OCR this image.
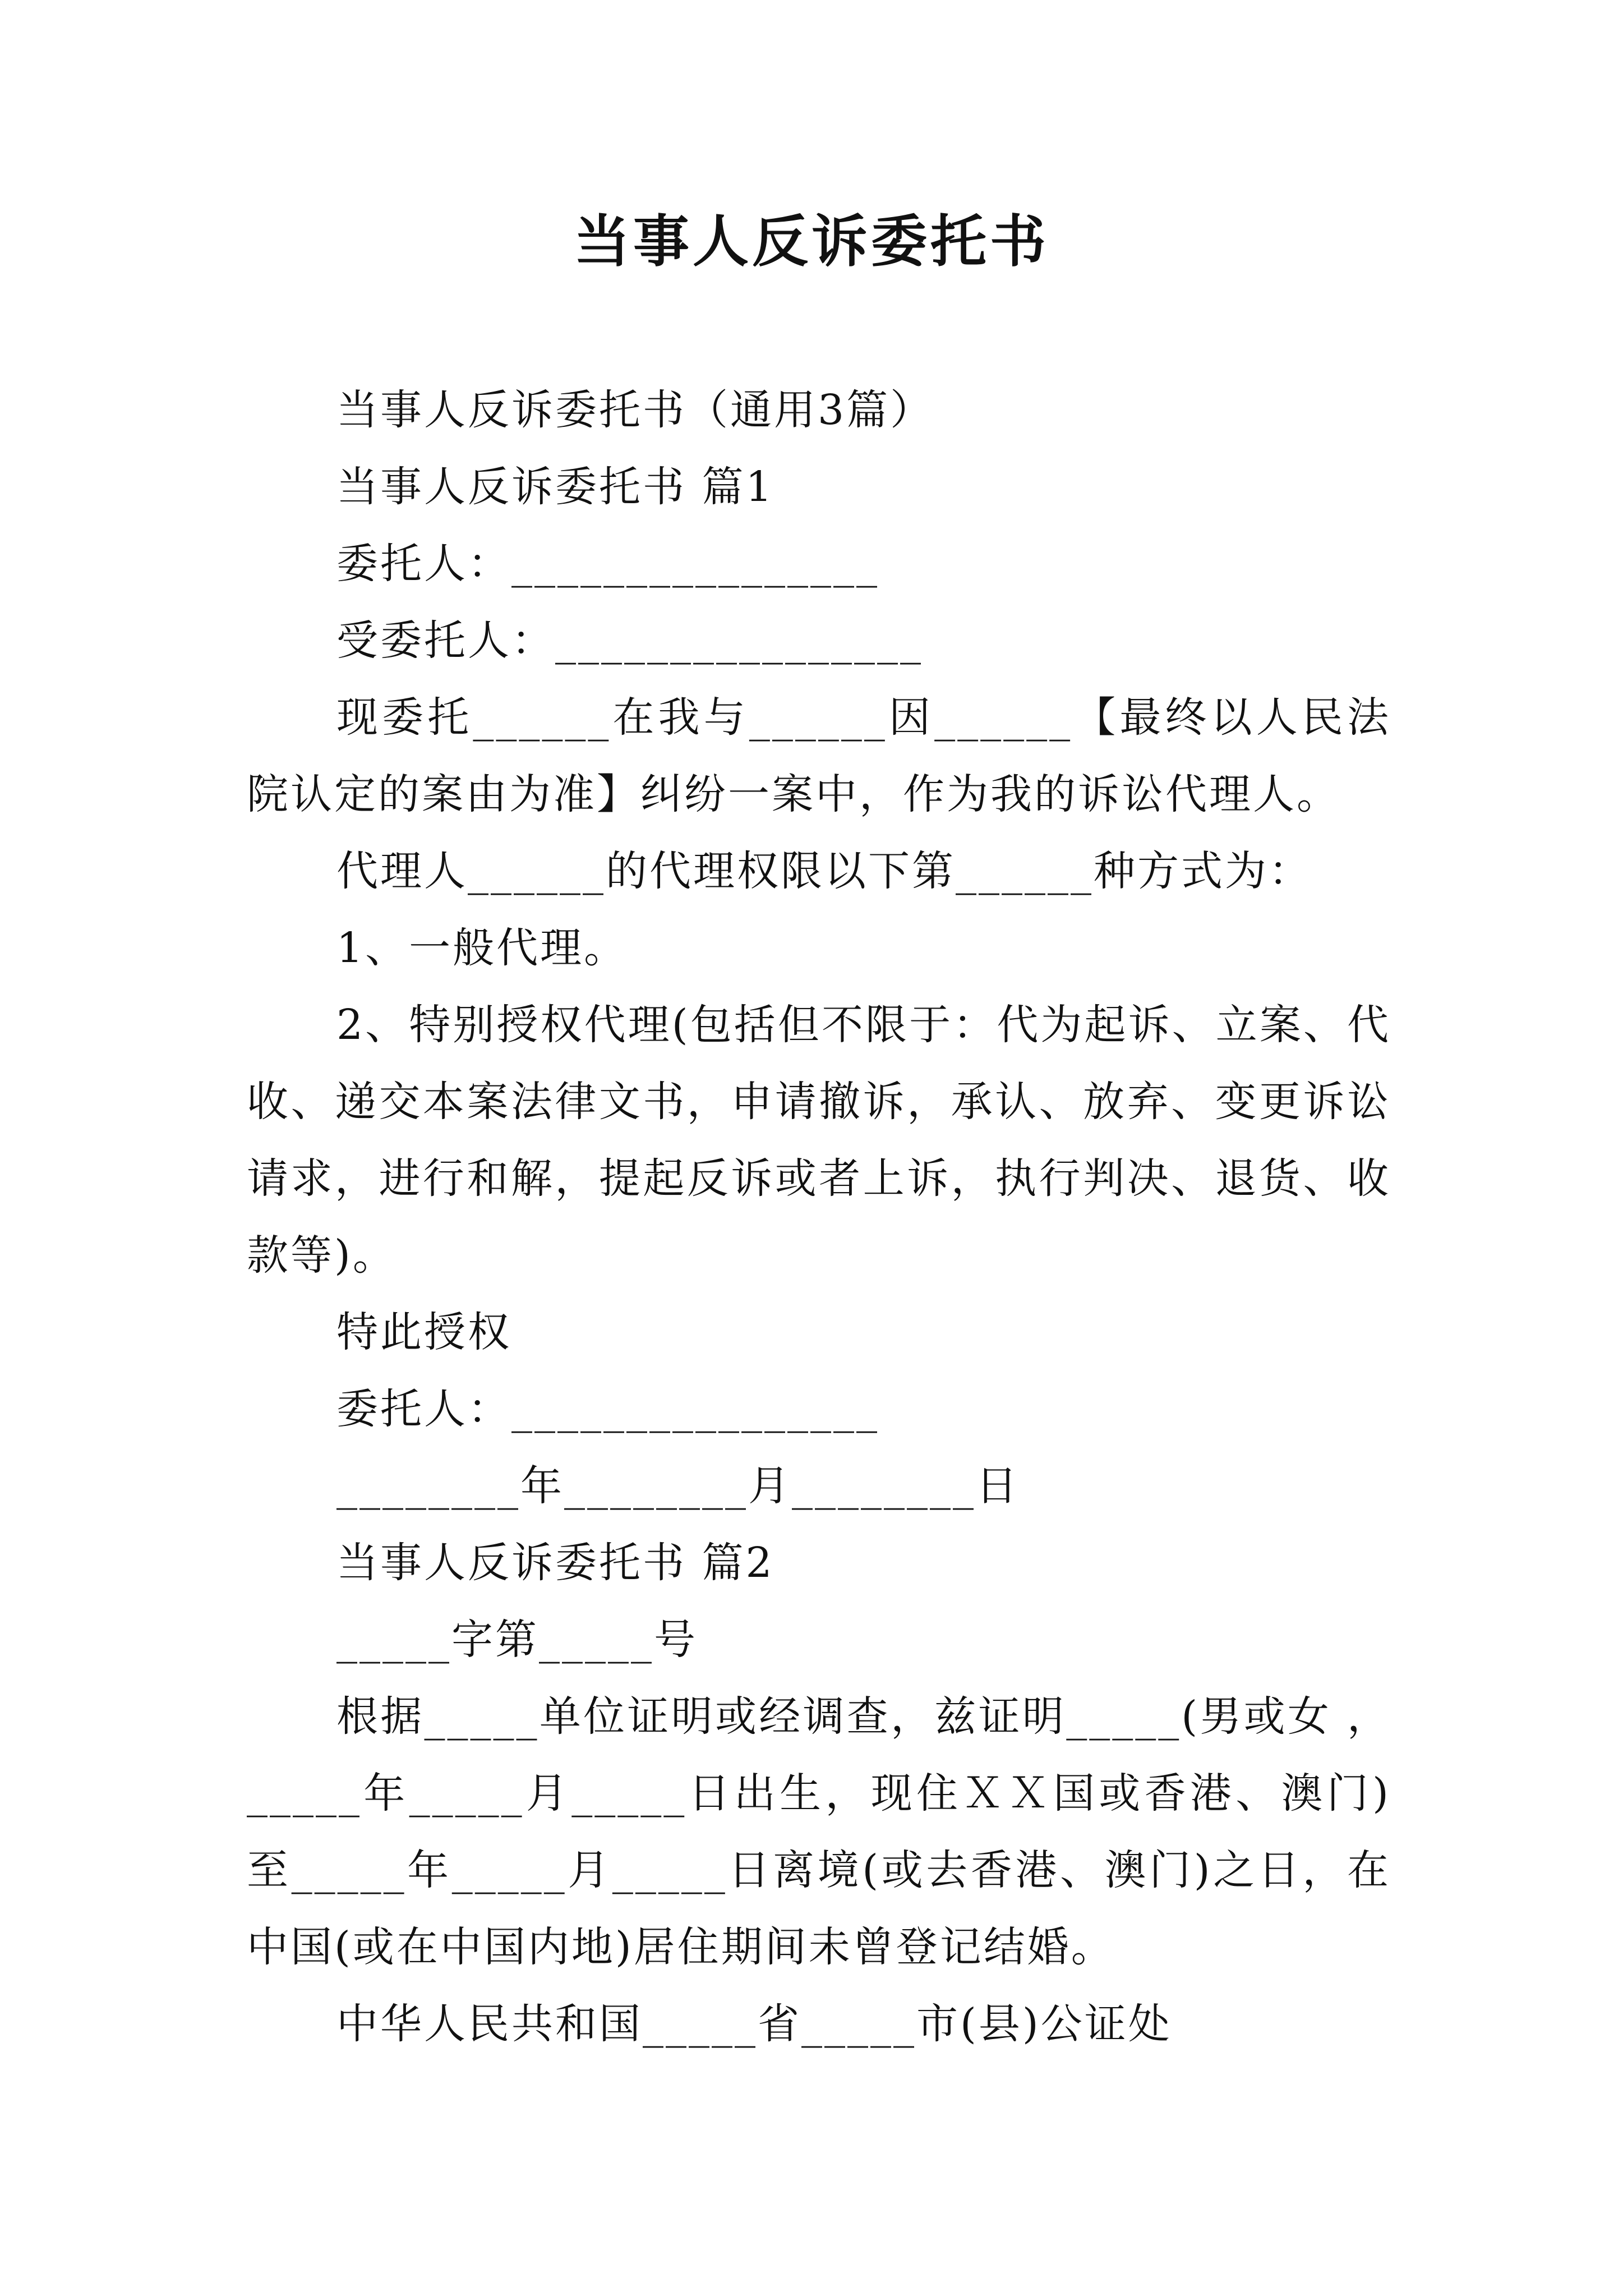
当事人反诉委托书

当事人反诉委托书（通用3篇）

当事人反诉委托书 篇1

委托人：________________

受委托人：________________

现委托______在我与______因______【最终以人民法院认定的案由为准】纠纷一案中，作为我的诉讼代理人。

代理人______的代理权限以下第______种方式为：

1、一般代理。

2、特别授权代理(包括但不限于：代为起诉、立案、代收、递交本案法律文书，申请撤诉，承认、放弃、变更诉讼请求，进行和解，提起反诉或者上诉，执行判决、退货、收款等)。

特此授权

委托人：________________

________年________月________日

当事人反诉委托书 篇2

_____字第_____号

根据_____单位证明或经调查，兹证明_____(男或女 ，_____年_____月_____日出生，现住ＸＸ国或香港、澳门)至_____年_____月_____日离境(或去香港、澳门)之日，在中国(或在中国内地)居住期间未曾登记结婚。

中华人民共和国_____省_____市(县)公证处
